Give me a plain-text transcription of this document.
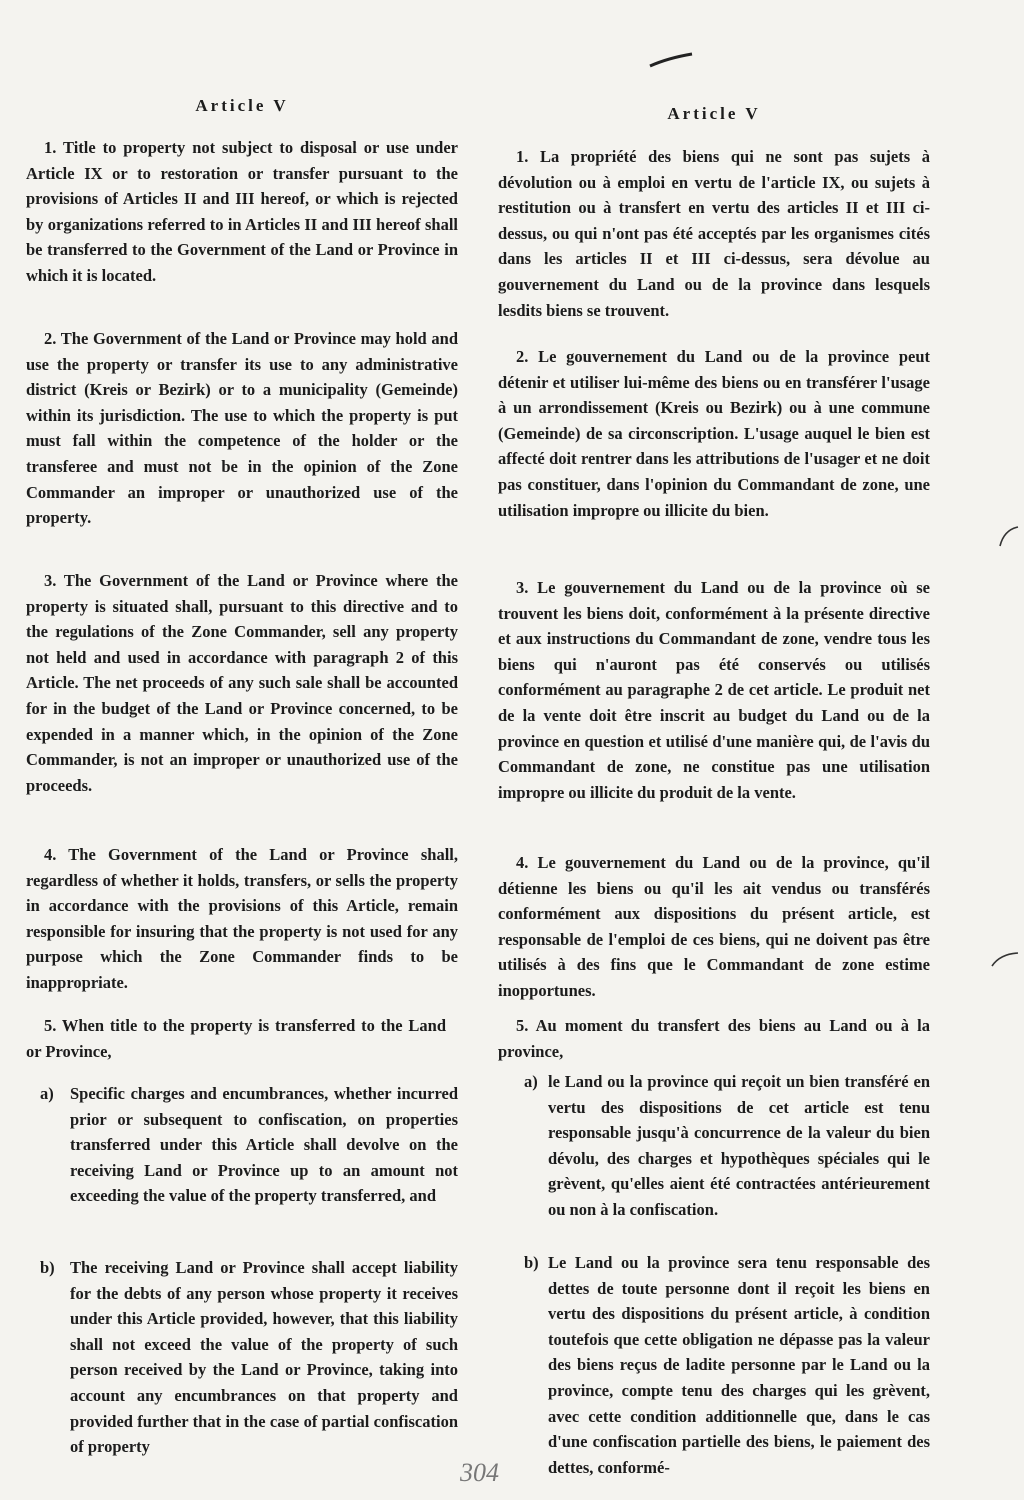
Article V
1. Title to property not subject to disposal or use under Article IX or to restoration or transfer pursuant to the provisions of Articles II and III hereof, or which is rejected by organizations referred to in Articles II and III hereof shall be transferred to the Government of the Land or Province in which it is located.
2. The Government of the Land or Province may hold and use the property or transfer its use to any administrative district (Kreis or Bezirk) or to a municipality (Gemeinde) within its jurisdiction. The use to which the property is put must fall within the competence of the holder or the transferee and must not be in the opinion of the Zone Commander an improper or unauthorized use of the property.
3. The Government of the Land or Province where the property is situated shall, pursuant to this directive and to the regulations of the Zone Commander, sell any property not held and used in accordance with paragraph 2 of this Article. The net proceeds of any such sale shall be accounted for in the budget of the Land or Province concerned, to be expended in a manner which, in the opinion of the Zone Commander, is not an improper or unauthorized use of the proceeds.
4. The Government of the Land or Province shall, regardless of whether it holds, transfers, or sells the property in accordance with the provisions of this Article, remain responsible for insuring that the property is not used for any purpose which the Zone Commander finds to be inappropriate.
5. When title to the property is transferred to the Land or Province,
a) Specific charges and encumbrances, whether incurred prior or subsequent to confiscation, on properties transferred under this Article shall devolve on the receiving Land or Province up to an amount not exceeding the value of the property transferred, and
b) The receiving Land or Province shall accept liability for the debts of any person whose property it receives under this Article provided, however, that this liability shall not exceed the value of the property of such person received by the Land or Province, taking into account any encumbrances on that property and provided further that in the case of partial confiscation of property
Article V
1. La propriété des biens qui ne sont pas sujets à dévolution ou à emploi en vertu de l'article IX, ou sujets à restitution ou à transfert en vertu des articles II et III ci-dessus, ou qui n'ont pas été acceptés par les organismes cités dans les articles II et III ci-dessus, sera dévolue au gouvernement du Land ou de la province dans lesquels lesdits biens se trouvent.
2. Le gouvernement du Land ou de la province peut détenir et utiliser lui-même des biens ou en transférer l'usage à un arrondissement (Kreis ou Bezirk) ou à une commune (Gemeinde) de sa circonscription. L'usage auquel le bien est affecté doit rentrer dans les attributions de l'usager et ne doit pas constituer, dans l'opinion du Commandant de zone, une utilisation impropre ou illicite du bien.
3. Le gouvernement du Land ou de la province où se trouvent les biens doit, conformément à la présente directive et aux instructions du Commandant de zone, vendre tous les biens qui n'auront pas été conservés ou utilisés conformément au paragraphe 2 de cet article. Le produit net de la vente doit être inscrit au budget du Land ou de la province en question et utilisé d'une manière qui, de l'avis du Commandant de zone, ne constitue pas une utilisation impropre ou illicite du produit de la vente.
4. Le gouvernement du Land ou de la province, qu'il détienne les biens ou qu'il les ait vendus ou transférés conformément aux dispositions du présent article, est responsable de l'emploi de ces biens, qui ne doivent pas être utilisés à des fins que le Commandant de zone estime inopportunes.
5. Au moment du transfert des biens au Land ou à la province,
a) le Land ou la province qui reçoit un bien transféré en vertu des dispositions de cet article est tenu responsable jusqu'à concurrence de la valeur du bien dévolu, des charges et hypothèques spéciales qui le grèvent, qu'elles aient été contractées antérieurement ou non à la confiscation.
b) Le Land ou la province sera tenu responsable des dettes de toute personne dont il reçoit les biens en vertu des dispositions du présent article, à condition toutefois que cette obligation ne dépasse pas la valeur des biens reçus de ladite personne par le Land ou la province, compte tenu des charges qui les grèvent, avec cette condition additionnelle que, dans le cas d'une confiscation partielle des biens, le paiement des dettes, conformé-
304
